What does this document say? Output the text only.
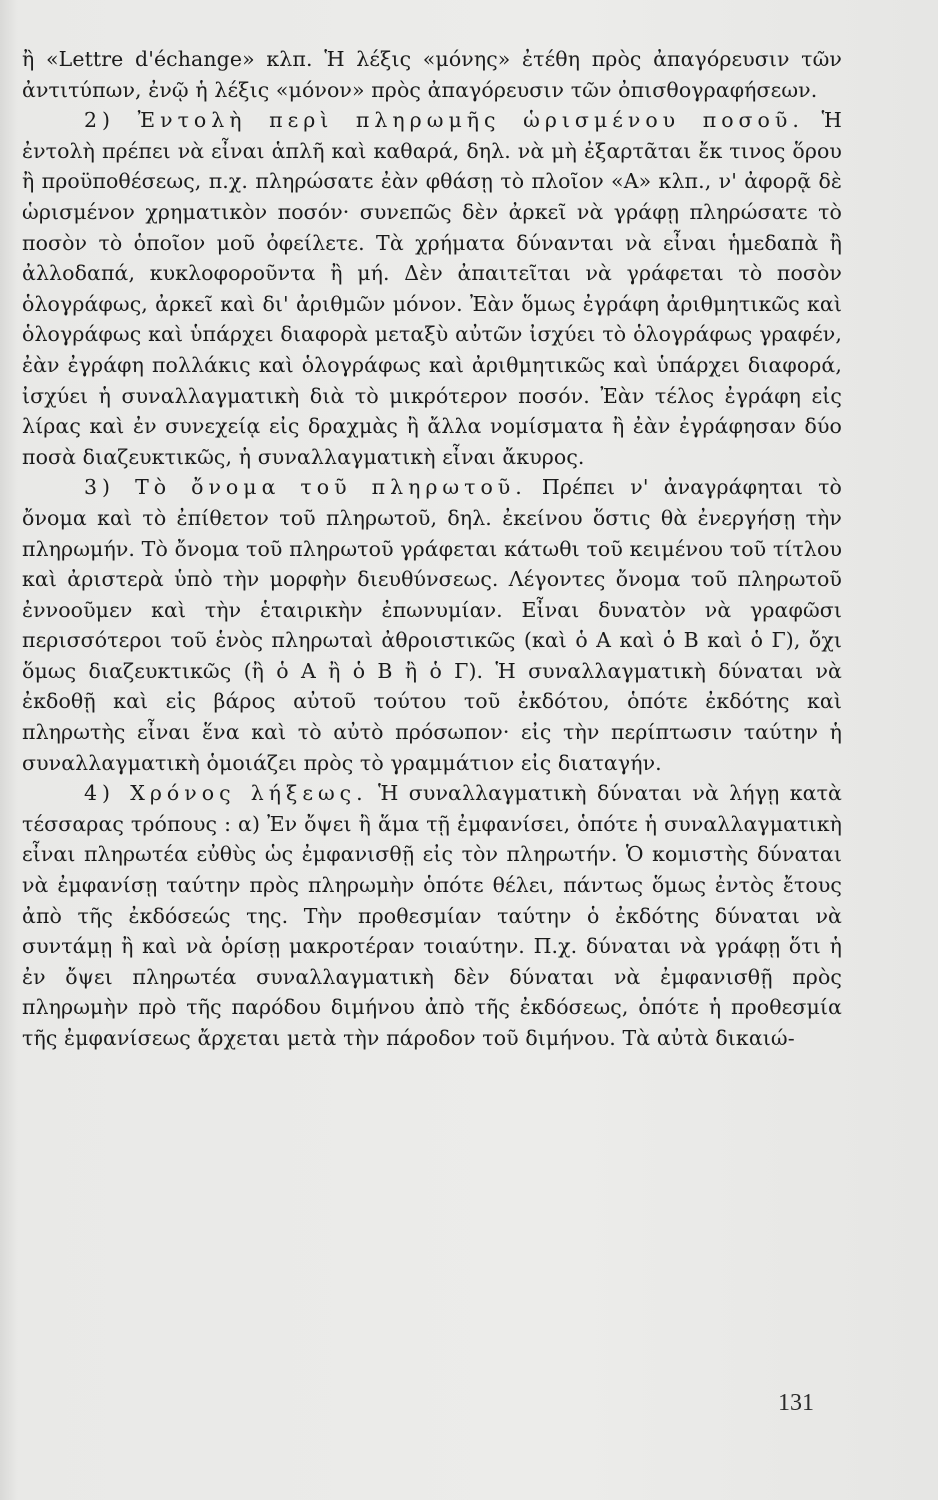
ἢ «Lettre d'échange» κλπ. Ἡ λέξις «μόνης» ἐτέθη πρὸς ἀπαγόρευσιν τῶν ἀντιτύπων, ἐνῷ ἡ λέξις «μόνον» πρὸς ἀπαγόρευσιν τῶν ὀπισθογραφήσεων.

2) Ἐντολὴ περὶ πληρωμῆς ὡρισμένου ποσοῦ. Ἡ ἐντολὴ πρέπει νὰ εἶναι ἁπλῆ καὶ καθαρά, δηλ. νὰ μὴ ἐξαρτᾶται ἔκ τινος ὅρου ἢ προϋποθέσεως, π.χ. πληρώσατε ἐὰν φθάσῃ τὸ πλοῖον «Α» κλπ., ν' ἀφορᾷ δὲ ὡρισμένον χρηματικὸν ποσόν· συνεπῶς δὲν ἀρκεῖ νὰ γράφῃ πληρώσατε τὸ ποσὸν τὸ ὁποῖον μοῦ ὀφείλετε. Τὰ χρήματα δύνανται νὰ εἶναι ἡμεδαπὰ ἢ ἀλλοδαπά, κυκλοφοροῦντα ἢ μή. Δὲν ἀπαιτεῖται νὰ γράφεται τὸ ποσὸν ὁλογράφως, ἀρκεῖ καὶ δι' ἀριθμῶν μόνον. Ἐὰν ὅμως ἐγράφη ἀριθμητικῶς καὶ ὁλογράφως καὶ ὑπάρχει διαφορὰ μεταξὺ αὐτῶν ἰσχύει τὸ ὁλογράφως γραφέν, ἐὰν ἐγράφη πολλάκις καὶ ὁλογράφως καὶ ἀριθμητικῶς καὶ ὑπάρχει διαφορά, ἰσχύει ἡ συναλλαγματικὴ διὰ τὸ μικρότερον ποσόν. Ἐὰν τέλος ἐγράφη εἰς λίρας καὶ ἐν συνεχείᾳ εἰς δραχμὰς ἢ ἄλλα νομίσματα ἢ ἐὰν ἐγράφησαν δύο ποσὰ διαζευκτικῶς, ἡ συναλλαγματικὴ εἶναι ἄκυρος.

3) Τὸ ὄνομα τοῦ πληρωτοῦ. Πρέπει ν' ἀναγράφηται τὸ ὄνομα καὶ τὸ ἐπίθετον τοῦ πληρωτοῦ, δηλ. ἐκείνου ὅστις θὰ ἐνεργήσῃ τὴν πληρωμήν. Τὸ ὄνομα τοῦ πληρωτοῦ γράφεται κάτωθι τοῦ κειμένου τοῦ τίτλου καὶ ἀριστερὰ ὑπὸ τὴν μορφὴν διευθύνσεως. Λέγοντες ὄνομα τοῦ πληρωτοῦ ἐννοοῦμεν καὶ τὴν ἑταιρικὴν ἐπωνυμίαν. Εἶναι δυνατὸν νὰ γραφῶσι περισσότεροι τοῦ ἑνὸς πληρωταὶ ἀθροιστικῶς (καὶ ὁ Α καὶ ὁ Β καὶ ὁ Γ), ὄχι ὅμως διαζευκτικῶς (ἢ ὁ Α ἢ ὁ Β ἢ ὁ Γ). Ἡ συναλλαγματικὴ δύναται νὰ ἐκδοθῇ καὶ εἰς βάρος αὐτοῦ τούτου τοῦ ἐκδότου, ὁπότε ἐκδότης καὶ πληρωτὴς εἶναι ἕνα καὶ τὸ αὐτὸ πρόσωπον· εἰς τὴν περίπτωσιν ταύτην ἡ συναλλαγματικὴ ὁμοιάζει πρὸς τὸ γραμμάτιον εἰς διαταγήν.

4) Χρόνος λήξεως. Ἡ συναλλαγματικὴ δύναται νὰ λήγῃ κατὰ τέσσαρας τρόπους : α) Ἐν ὄψει ἢ ἅμα τῇ ἐμφανίσει, ὁπότε ἡ συναλλαγματικὴ εἶναι πληρωτέα εὐθὺς ὡς ἐμφανισθῇ εἰς τὸν πληρωτήν. Ὁ κομιστὴς δύναται νὰ ἐμφανίσῃ ταύτην πρὸς πληρωμὴν ὁπότε θέλει, πάντως ὅμως ἐντὸς ἔτους ἀπὸ τῆς ἐκδόσεώς της. Τὴν προθεσμίαν ταύτην ὁ ἐκδότης δύναται νὰ συντάμῃ ἢ καὶ νὰ ὁρίσῃ μακροτέραν τοιαύτην. Π.χ. δύναται νὰ γράφῃ ὅτι ἡ ἐν ὄψει πληρωτέα συναλλαγματικὴ δὲν δύναται νὰ ἐμφανισθῇ πρὸς πληρωμὴν πρὸ τῆς παρόδου διμήνου ἀπὸ τῆς ἐκδόσεως, ὁπότε ἡ προθεσμία τῆς ἐμφανίσεως ἄρχεται μετὰ τὴν πάροδον τοῦ διμήνου. Τὰ αὐτὰ δικαιώ-

131
